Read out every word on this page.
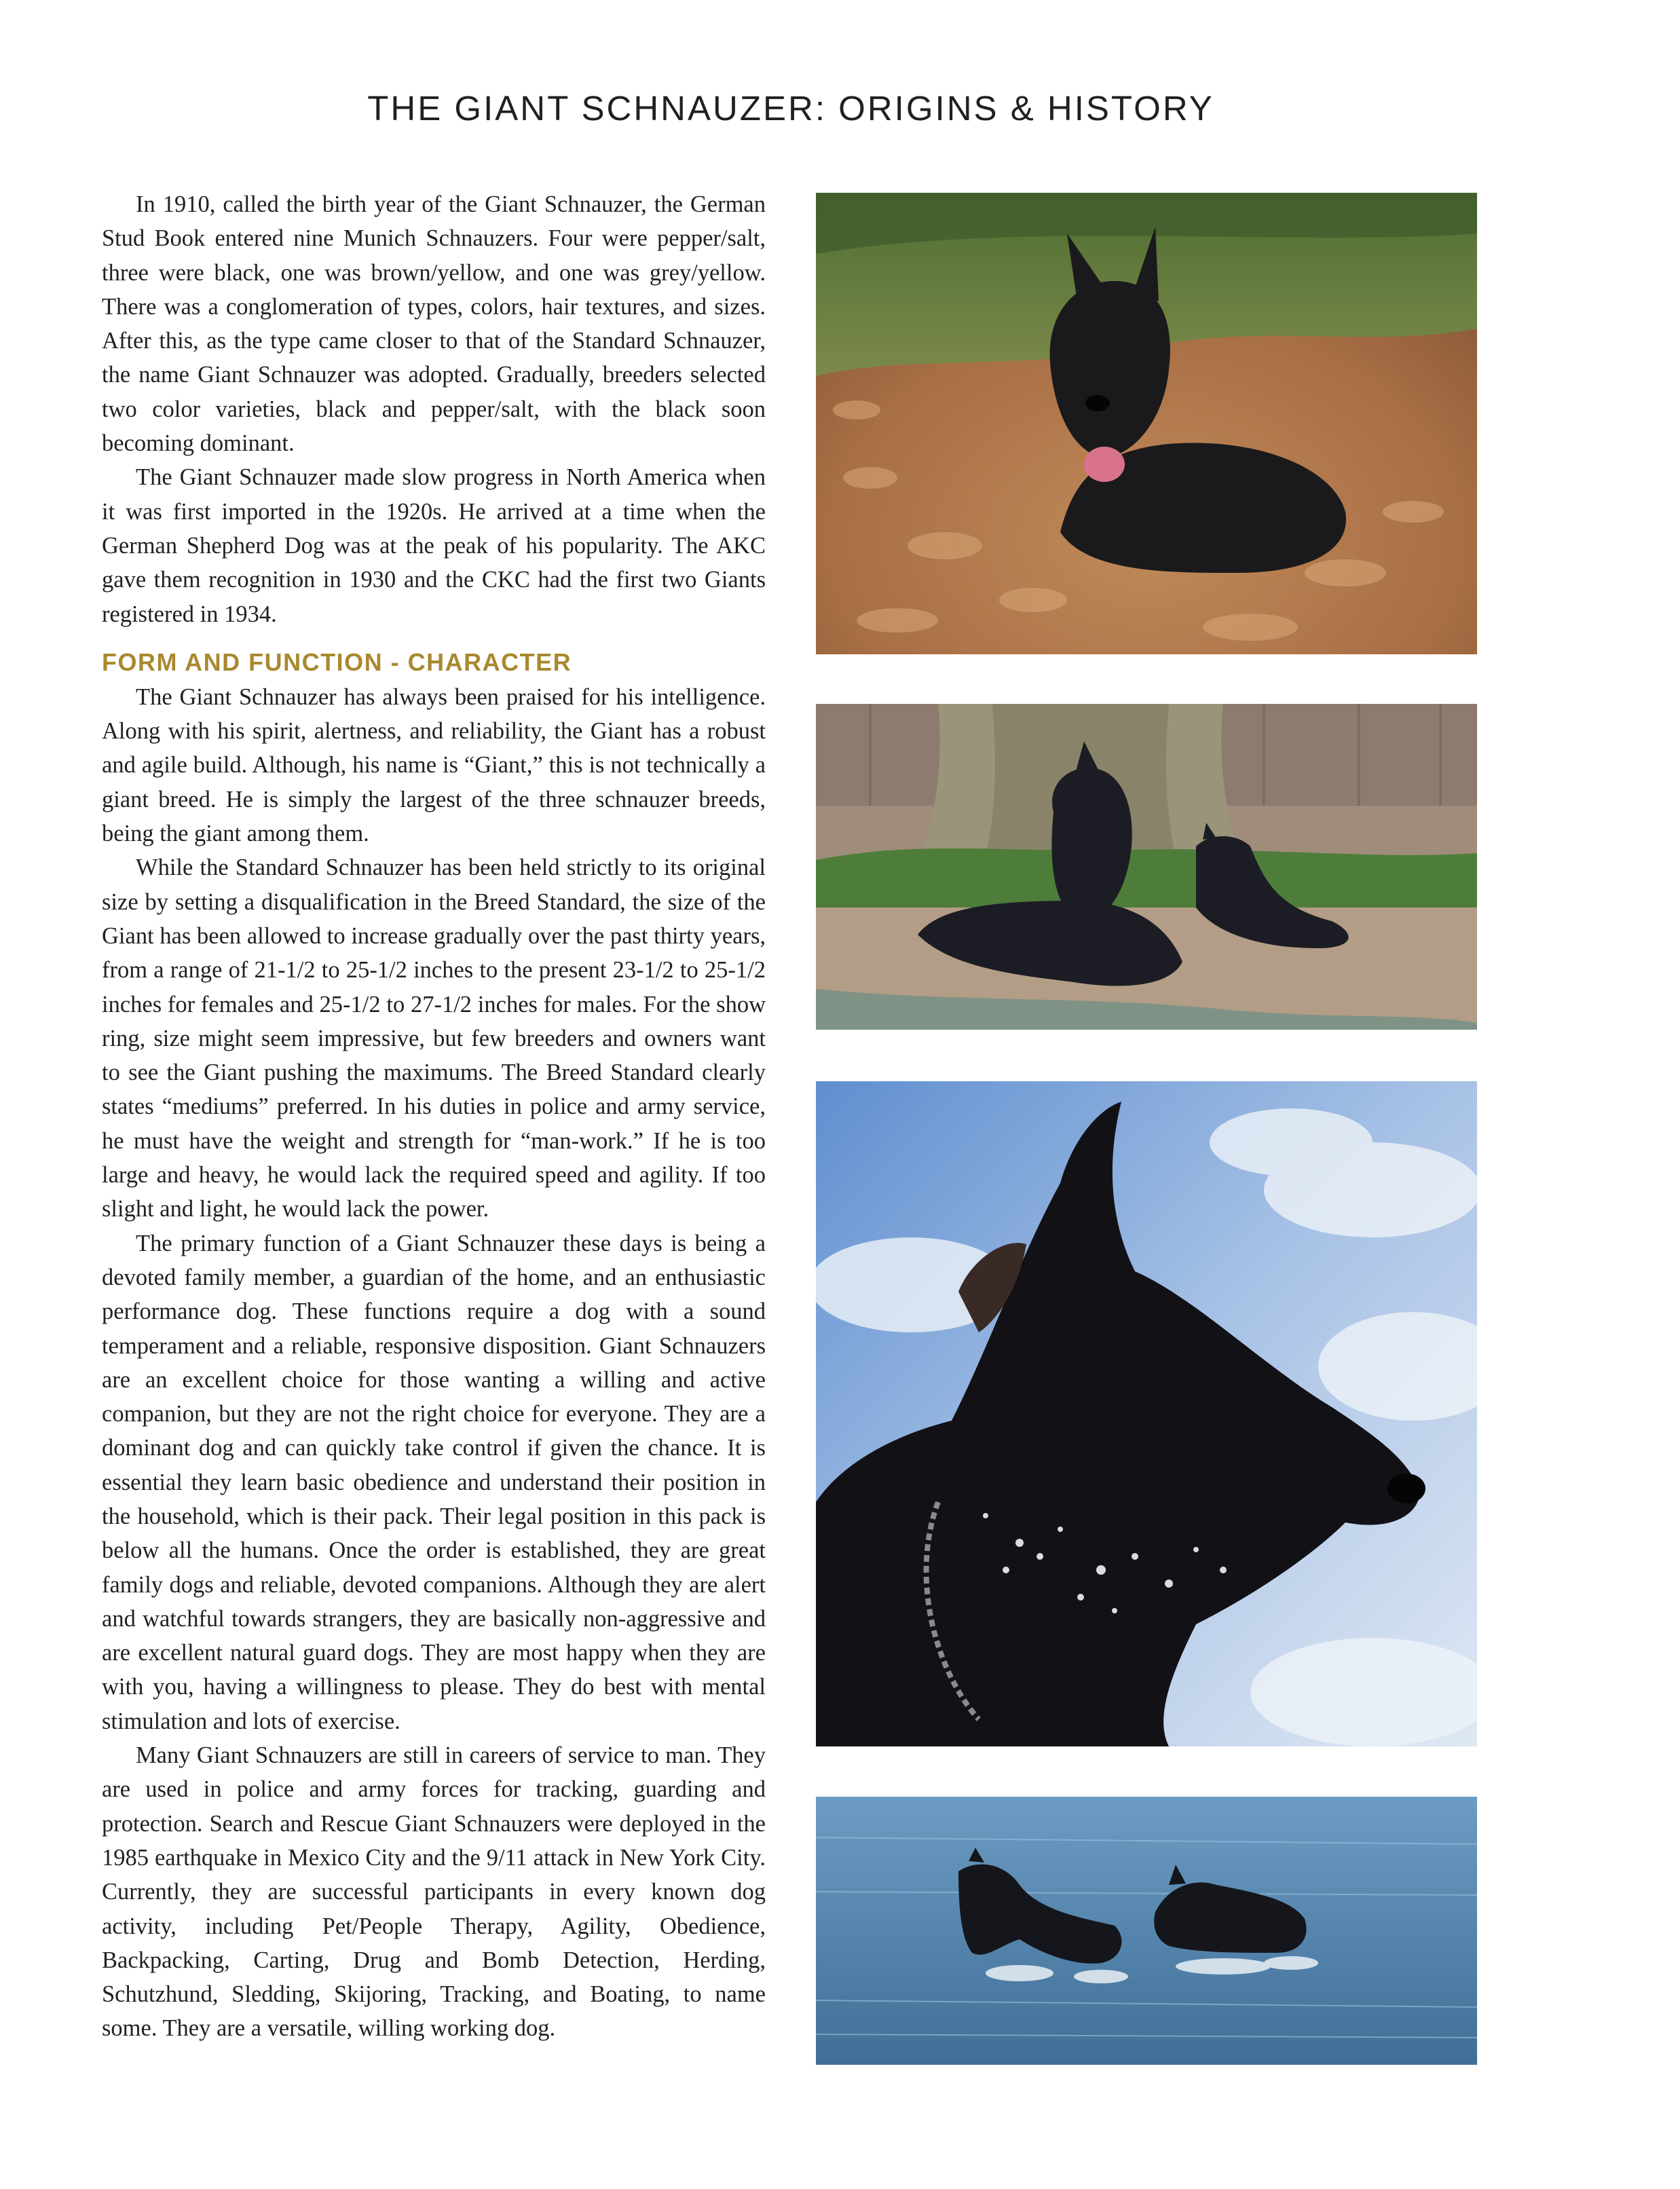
THE GIANT SCHNAUZER: ORIGINS & HISTORY

In 1910, called the birth year of the Giant Schnauzer, the German Stud Book entered nine Munich Schnauzers. Four were pepper/salt, three were black, one was brown/yellow, and one was grey/yellow. There was a conglomeration of types, colors, hair textures, and sizes. After this, as the type came closer to that of the Standard Schnauzer, the name Giant Schnauzer was adopted. Gradually, breeders selected two color varieties, black and pepper/salt, with the black soon becoming dominant.

The Giant Schnauzer made slow progress in North America when it was first imported in the 1920s. He arrived at a time when the German Shepherd Dog was at the peak of his popularity. The AKC gave them recognition in 1930 and the CKC had the first two Giants registered in 1934.

FORM AND FUNCTION - CHARACTER

The Giant Schnauzer has always been praised for his intelligence. Along with his spirit, alertness, and reliability, the Giant has a robust and agile build. Although, his name is “Giant,” this is not technically a giant breed. He is simply the largest of the three schnauzer breeds, being the giant among them.

While the Standard Schnauzer has been held strictly to its original size by setting a disqualification in the Breed Standard, the size of the Giant has been allowed to increase gradually over the past thirty years, from a range of 21-1/2 to 25-1/2 inches to the present 23-1/2 to 25-1/2 inches for females and 25-1/2 to 27-1/2 inches for males. For the show ring, size might seem impressive, but few breeders and owners want to see the Giant pushing the maximums. The Breed Standard clearly states “mediums” preferred. In his duties in police and army service, he must have the weight and strength for “man-work.” If he is too large and heavy, he would lack the required speed and agility. If too slight and light, he would lack the power.

The primary function of a Giant Schnauzer these days is being a devoted family member, a guardian of the home, and an enthusiastic performance dog. These functions require a dog with a sound temperament and a reliable, responsive disposition. Giant Schnauzers are an excellent choice for those wanting a willing and active companion, but they are not the right choice for everyone. They are a dominant dog and can quickly take control if given the chance. It is essential they learn basic obedience and understand their position in the household, which is their pack. Their legal position in this pack is below all the humans. Once the order is established, they are great family dogs and reliable, devoted companions. Although they are alert and watchful towards strangers, they are basically non-aggressive and are excellent natural guard dogs. They are most happy when they are with you, having a willingness to please. They do best with mental stimulation and lots of exercise.

Many Giant Schnauzers are still in careers of service to man. They are used in police and army forces for tracking, guarding and protection. Search and Rescue Giant Schnauzers were deployed in the 1985 earthquake in Mexico City and the 9/11 attack in New York City. Currently, they are successful participants in every known dog activity, including Pet/People Therapy, Agility, Obedience, Backpacking, Carting, Drug and Bomb Detection, Herding, Schutzhund, Sledding, Skijoring, Tracking, and Boating, to name some. They are a versatile, willing working dog.
